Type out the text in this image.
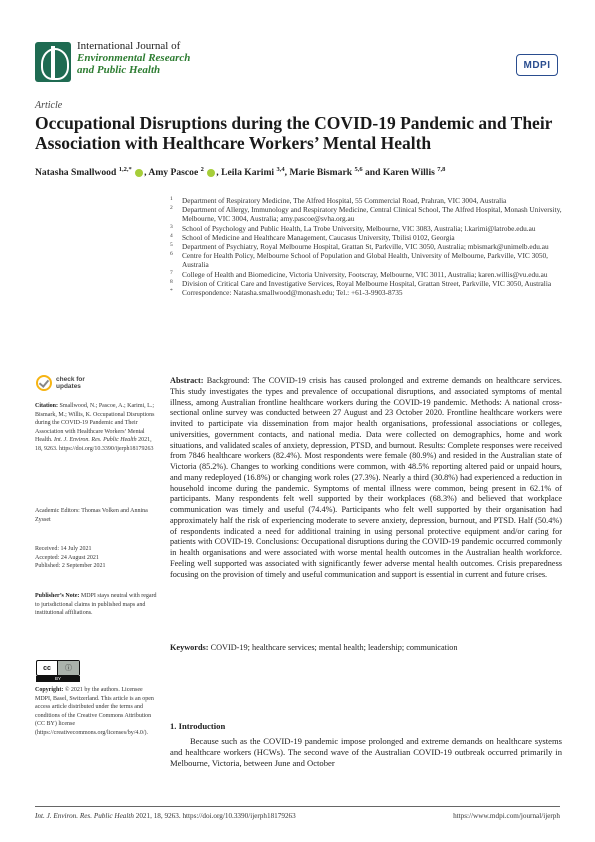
International Journal of
Environmental Research
and Public Health	MDPI
Article
Occupational Disruptions during the COVID-19 Pandemic and Their Association with Healthcare Workers’ Mental Health
Natasha Smallwood $^{1,2,*}$ , Amy Pascoe $^2$ , Leila Karimi $^{3,4}$, Marie Bismark $^{5,6}$ and Karen Willis $^{7,8}$
1	Department of Respiratory Medicine, The Alfred Hospital, 55 Commercial Road, Prahran, VIC 3004, Australia
2	Department of Allergy, Immunology and Respiratory Medicine, Central Clinical School, The Alfred Hospital, Monash University, Melbourne, VIC 3004, Australia; amy.pascoe@svha.org.au
3	School of Psychology and Public Health, La Trobe University, Melbourne, VIC 3083, Australia; l.karimi@latrobe.edu.au
4	School of Medicine and Healthcare Management, Caucasus University, Tbilisi 0102, Georgia
5	Department of Psychiatry, Royal Melbourne Hospital, Grattan St, Parkville, VIC 3050, Australia; mbismark@unimelb.edu.au
6	Centre for Health Policy, Melbourne School of Population and Global Health, University of Melbourne, Parkville, VIC 3050, Australia
7	College of Health and Biomedicine, Victoria University, Footscray, Melbourne, VIC 3011, Australia; karen.willis@vu.edu.au
8	Division of Critical Care and Investigative Services, Royal Melbourne Hospital, Grattan Street, Parkville, VIC 3050, Australia
*	Correspondence: Natasha.smallwood@monash.edu; Tel.: +61-3-9903-8735
check for
updates
Citation: Smallwood, N.; Pascoe, A.; Karimi, L.; Bismark, M.; Willis, K. Occupational Disruptions during the COVID-19 Pandemic and Their Association with Healthcare Workers’ Mental Health. Int. J. Environ. Res. Public Health 2021, 18, 9263. https://doi.org/10.3390/ijerph18179263
Academic Editors: Thomas Volken and Annina Zysset
Received: 14 July 2021
Accepted: 24 August 2021
Published: 2 September 2021
Publisher’s Note: MDPI stays neutral with regard to jurisdictional claims in published maps and institutional affiliations.
cc	ⓘ
BY
Copyright: © 2021 by the authors. Licensee MDPI, Basel, Switzerland. This article is an open access article distributed under the terms and conditions of the Creative Commons Attribution (CC BY) license (https://creativecommons.org/licenses/by/4.0/).
Abstract: Background: The COVID-19 crisis has caused prolonged and extreme demands on healthcare services. This study investigates the types and prevalence of occupational disruptions, and associated symptoms of mental illness, among Australian frontline healthcare workers during the COVID-19 pandemic. Methods: A national cross-sectional online survey was conducted between 27 August and 23 October 2020. Frontline healthcare workers were invited to participate via dissemination from major health organisations, professional associations or colleges, universities, government contacts, and national media. Data were collected on demographics, home and work situations, and validated scales of anxiety, depression, PTSD, and burnout. Results: Complete responses were received from 7846 healthcare workers (82.4%). Most respondents were female (80.9%) and resided in the Australian state of Victoria (85.2%). Changes to working conditions were common, with 48.5% reporting altered paid or unpaid hours, and many redeployed (16.8%) or changing work roles (27.3%). Nearly a third (30.8%) had experienced a reduction in household income during the pandemic. Symptoms of mental illness were common, being present in 62.1% of participants. Many respondents felt well supported by their workplaces (68.3%) and believed that workplace communication was timely and useful (74.4%). Participants who felt well supported by their organisation had approximately half the risk of experiencing moderate to severe anxiety, depression, burnout, and PTSD. Half (50.4%) of respondents indicated a need for additional training in using personal protective equipment and/or caring for patients with COVID-19. Conclusions: Occupational disruptions during the COVID-19 pandemic occurred commonly in health organisations and were associated with worse mental health outcomes in the Australian health workforce. Feeling well supported was associated with significantly fewer adverse mental health outcomes. Crisis preparedness focusing on the provision of timely and useful communication and support is essential in current and future crises.
Keywords: COVID-19; healthcare services; mental health; leadership; communication
1. Introduction
Because such as the COVID-19 pandemic impose prolonged and extreme demands on healthcare systems and healthcare workers (HCWs). The second wave of the Australian COVID-19 outbreak occurred primarily in Melbourne, Victoria, between June and October
Int. J. Environ. Res. Public Health 2021, 18, 9263. https://doi.org/10.3390/ijerph18179263	https://www.mdpi.com/journal/ijerph
